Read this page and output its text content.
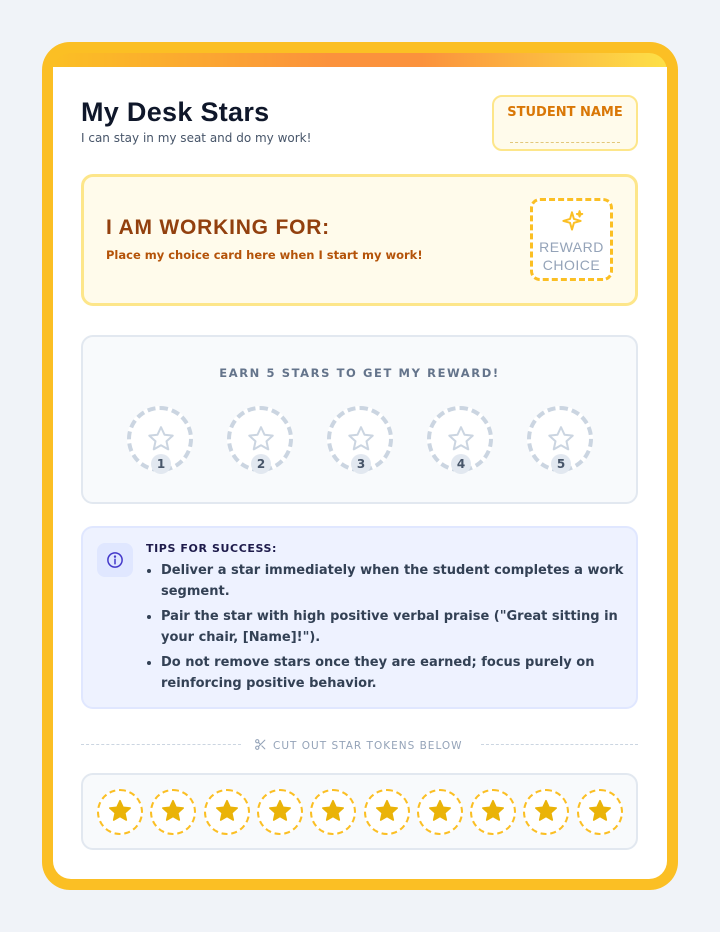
My Desk Stars
I can stay in my seat and do my work!
STUDENT NAME
I AM WORKING FOR:
Place my choice card here when I start my work!	REWARD
CHOICE
EARN 5 STARS TO GET MY REWARD!
1	2	3	4	5
TIPS FOR SUCCESS:
• Deliver a star immediately when the student completes a work segment.
• Pair the star with high positive verbal praise ("Great sitting in your chair, [Name]!").
• Do not remove stars once they are earned; focus purely on reinforcing positive behavior.
CUT OUT STAR TOKENS BELOW
